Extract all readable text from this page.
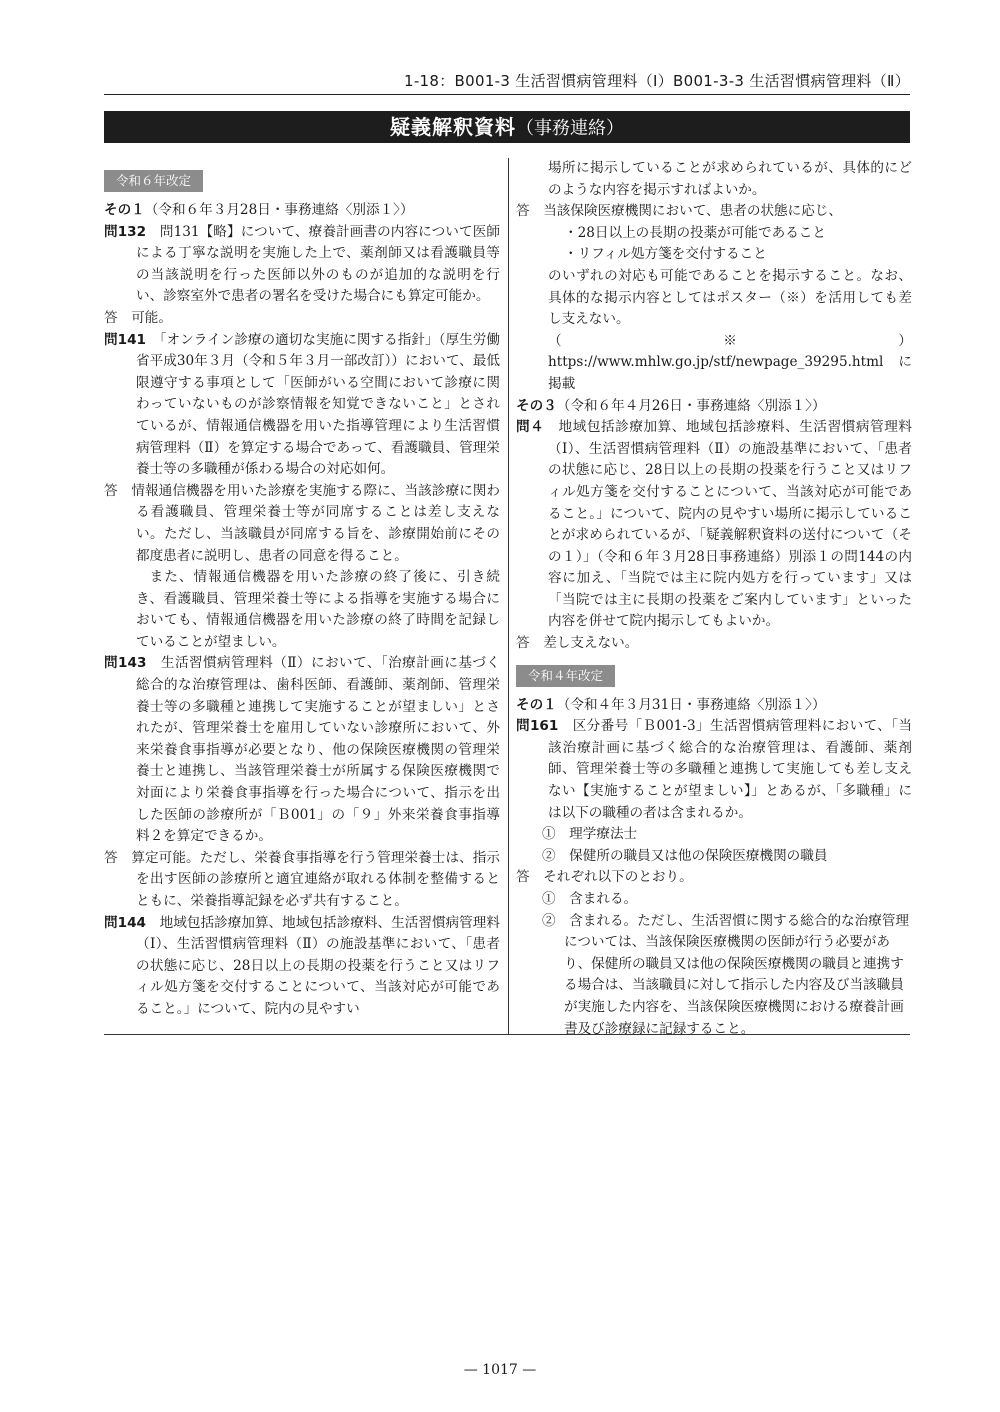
1-18：B001-3 生活習慣病管理料（Ⅰ）B001-3-3 生活習慣病管理料（Ⅱ）
疑義解釈資料（事務連絡）
令和６年改定

その１（令和６年３月28日・事務連絡〈別添１〉）

問132　 問131【略】について、療養計画書の内容について医師による丁寧な説明を実施した上で、薬剤師又は看護職員等の当該説明を行った医師以外のものが追加的な説明を行い、診察室外で患者の署名を受けた場合にも算定可能か。

答　 可能。

問141　 「オンライン診療の適切な実施に関する指針」（厚生労働省平成30年３月（令和５年３月一部改訂））において、最低限遵守する事項として「医師がいる空間において診療に関わっていないものが診察情報を知覚できないこと」とされているが、情報通信機器を用いた指導管理により生活習慣病管理料（Ⅱ）を算定する場合であって、看護職員、管理栄養士等の多職種が係わる場合の対応如何。

答　 情報通信機器を用いた診療を実施する際に、当該診療に関わる看護職員、管理栄養士等が同席することは差し支えない。ただし、当該職員が同席する旨を、診療開始前にその都度患者に説明し、患者の同意を得ること。

また、情報通信機器を用いた診療の終了後に、引き続き、看護職員、管理栄養士等による指導を実施する場合においても、情報通信機器を用いた診療の終了時間を記録していることが望ましい。

問143　 生活習慣病管理料（Ⅱ）において、「治療計画に基づく総合的な治療管理は、歯科医師、看護師、薬剤師、管理栄養士等の多職種と連携して実施することが望ましい」とされたが、管理栄養士を雇用していない診療所において、外来栄養食事指導が必要となり、他の保険医療機関の管理栄養士と連携し、当該管理栄養士が所属する保険医療機関で対面により栄養食事指導を行った場合について、指示を出した医師の診療所が「Ｂ001」の「９」外来栄養食事指導料２を算定できるか。

答　 算定可能。ただし、栄養食事指導を行う管理栄養士は、指示を出す医師の診療所と適宜連絡が取れる体制を整備するとともに、栄養指導記録を必ず共有すること。

問144　 地域包括診療加算、地域包括診療料、生活習慣病管理料（Ⅰ）、生活習慣病管理料（Ⅱ）の施設基準において、「患者の状態に応じ、28日以上の長期の投薬を行うこと又はリフィル処方箋を交付することについて、当該対応が可能であること。」について、院内の見やすい

場所に掲示していることが求められているが、具体的にどのような内容を掲示すればよいか。

答　 当該保険医療機関において、患者の状態に応じ、

・28日以上の長期の投薬が可能であること

・リフィル処方箋を交付すること

のいずれの対応も可能であることを掲示すること。なお、具体的な掲示内容としてはポスター（※）を活用しても差し支えない。

（※）https://www.mhlw.go.jp/stf/newpage_39295.html に掲載

その３（令和６年４月26日・事務連絡〈別添１〉）

問４　 地域包括診療加算、地域包括診療料、生活習慣病管理料（Ⅰ）、生活習慣病管理料（Ⅱ）の施設基準において、「患者の状態に応じ、28日以上の長期の投薬を行うこと又はリフィル処方箋を交付することについて、当該対応が可能であること。」について、院内の見やすい場所に掲示していることが求められているが、「疑義解釈資料の送付について（その１）」（令和６年３月28日事務連絡）別添１の問144の内容に加え、「当院では主に院内処方を行っています」又は「当院では主に長期の投薬をご案内しています」といった内容を併せて院内掲示してもよいか。

答　 差し支えない。

令和４年改定

その１（令和４年３月31日・事務連絡〈別添１〉）

問161　 区分番号「Ｂ001-3」生活習慣病管理料において、「当該治療計画に基づく総合的な治療管理は、看護師、薬剤師、管理栄養士等の多職種と連携して実施しても差し支えない【実施することが望ましい】」とあるが、「多職種」には以下の職種の者は含まれるか。

①　理学療法士

②　保健所の職員又は他の保険医療機関の職員

答　 それぞれ以下のとおり。

①　含まれる。

②　含まれる。ただし、生活習慣に関する総合的な治療管理については、当該保険医療機関の医師が行う必要があり、保健所の職員又は他の保険医療機関の職員と連携する場合は、当該職員に対して指示した内容及び当該職員が実施した内容を、当該保険医療機関における療養計画書及び診療録に記録すること。

— 1017 —
